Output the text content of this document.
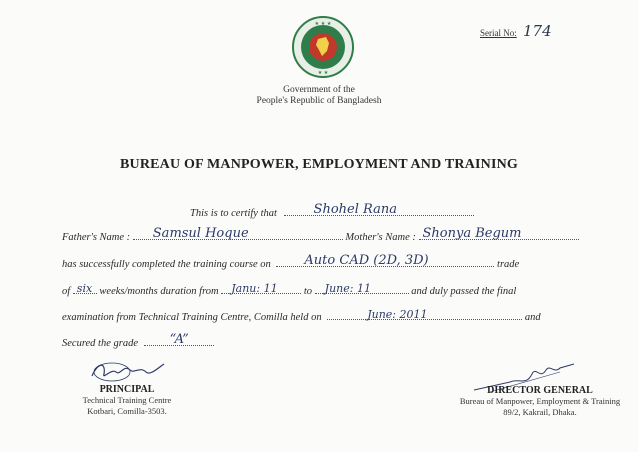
Serial No: 174
★ ★ ★
★ ★
Government of the
People's Republic of Bangladesh
BUREAU OF MANPOWER, EMPLOYMENT AND TRAINING
This is to certify that	Shohel Rana
Father's Name : Samsul Hoque	Mother's Name : Shonya Begum
has successfully completed the training course on	Auto CAD (2D, 3D)	trade
of six weeks/months duration from Janu: 11	to June: 11	and duly passed the final
examination from Technical Training Centre, Comilla held on	June: 2011	and
Secured the grade “A”
PRINCIPAL
Technical Training Centre
Kotbari, Comilla-3503.
DIRECTOR GENERAL
Bureau of Manpower, Employment & Training
89/2, Kakrail, Dhaka.
